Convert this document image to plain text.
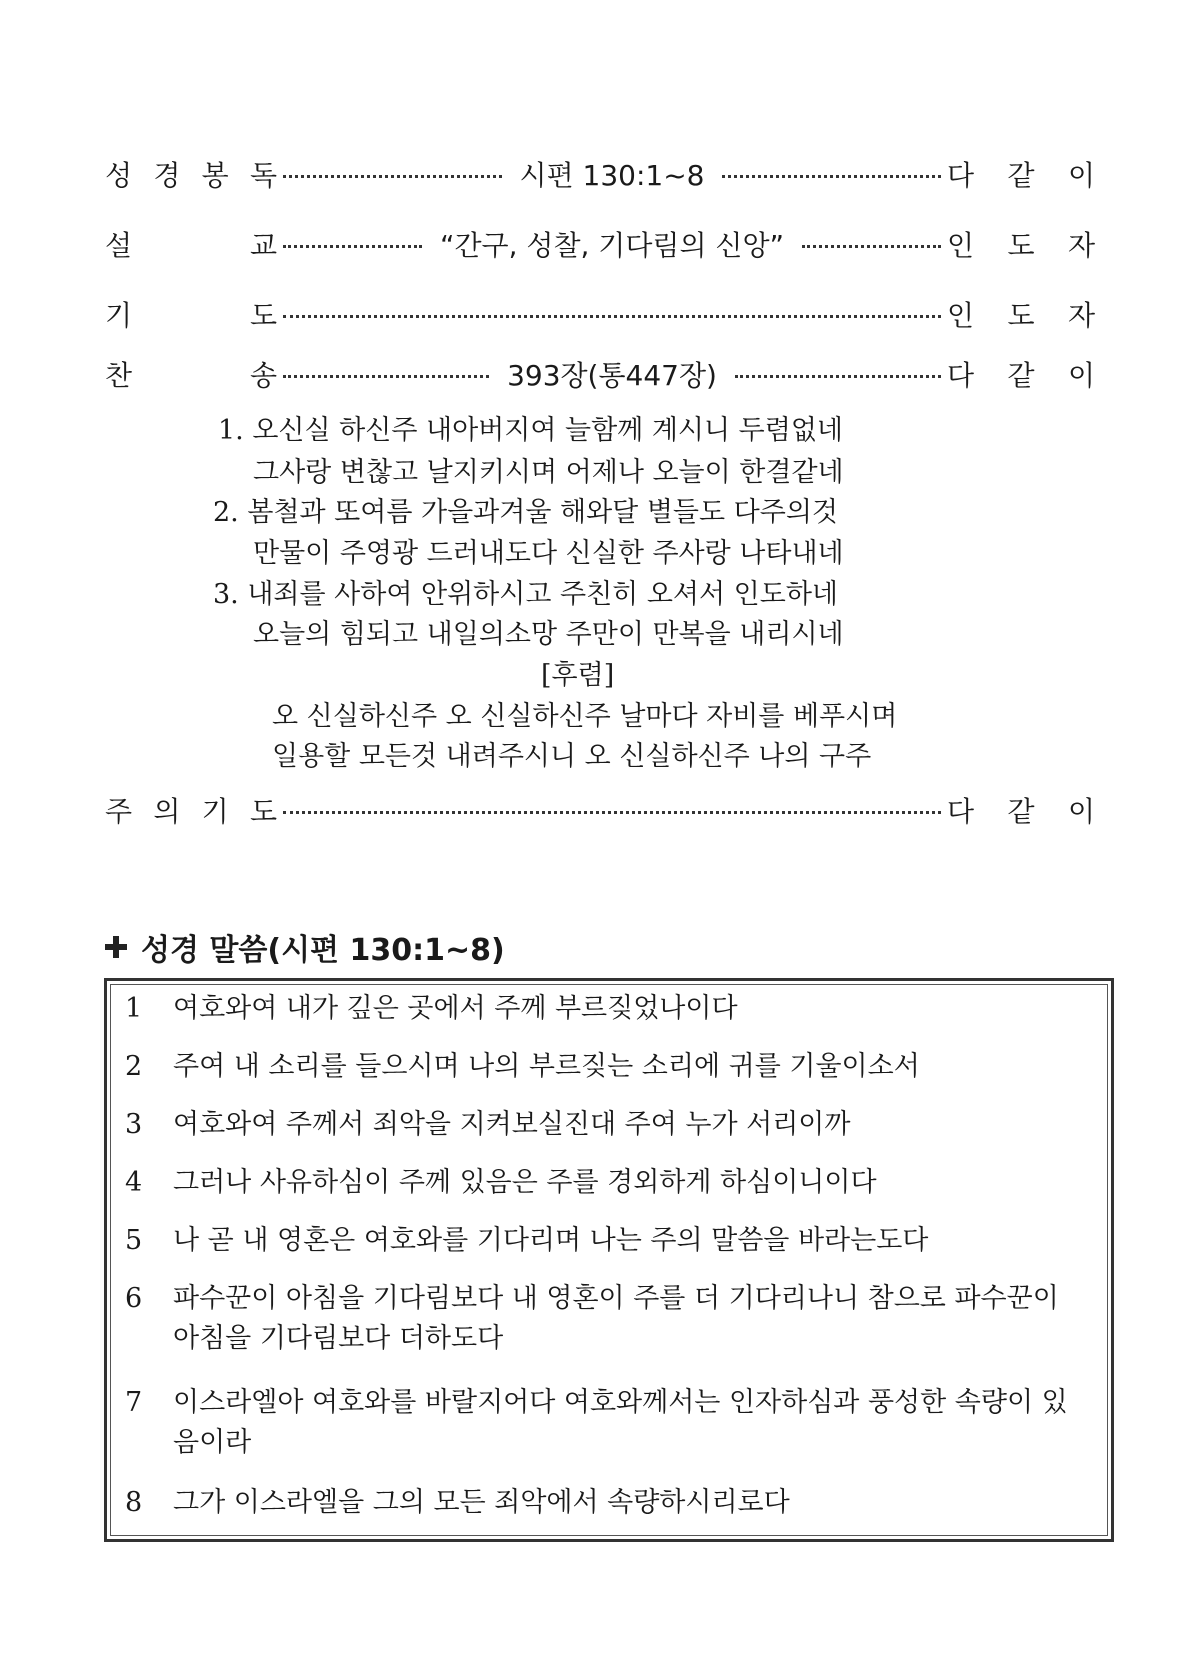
성 경 봉 독	시편 130:1~8	다 같 이
설	교	“간구, 성찰, 기다림의 신앙”	인 도 자
기	도	인 도 자
찬	송	393장(통447장)	다 같 이
1. 오신실 하신주 내아버지여 늘함께 계시니 두렴없네
그사랑 변찮고 날지키시며 어제나 오늘이 한결같네
2. 봄철과 또여름 가을과겨울 해와달 별들도 다주의것
만물이 주영광 드러내도다 신실한 주사랑 나타내네
3. 내죄를 사하여 안위하시고 주친히 오셔서 인도하네
오늘의 힘되고 내일의소망 주만이 만복을 내리시네
[후렴]
오 신실하신주 오 신실하신주 날마다 자비를 베푸시며
일용할 모든것 내려주시니 오 신실하신주 나의 구주
주 의 기 도	다 같 이
성경 말씀(시편 130:1~8)
1	여호와여 내가 깊은 곳에서 주께 부르짖었나이다
2	주여 내 소리를 들으시며 나의 부르짖는 소리에 귀를 기울이소서
3	여호와여 주께서 죄악을 지켜보실진대 주여 누가 서리이까
4	그러나 사유하심이 주께 있음은 주를 경외하게 하심이니이다
5	나 곧 내 영혼은 여호와를 기다리며 나는 주의 말씀을 바라는도다
6	파수꾼이 아침을 기다림보다 내 영혼이 주를 더 기다리나니 참으로 파수꾼이 아침을 기다림보다 더하도다
7	이스라엘아 여호와를 바랄지어다 여호와께서는 인자하심과 풍성한 속량이 있음이라
8	그가 이스라엘을 그의 모든 죄악에서 속량하시리로다
